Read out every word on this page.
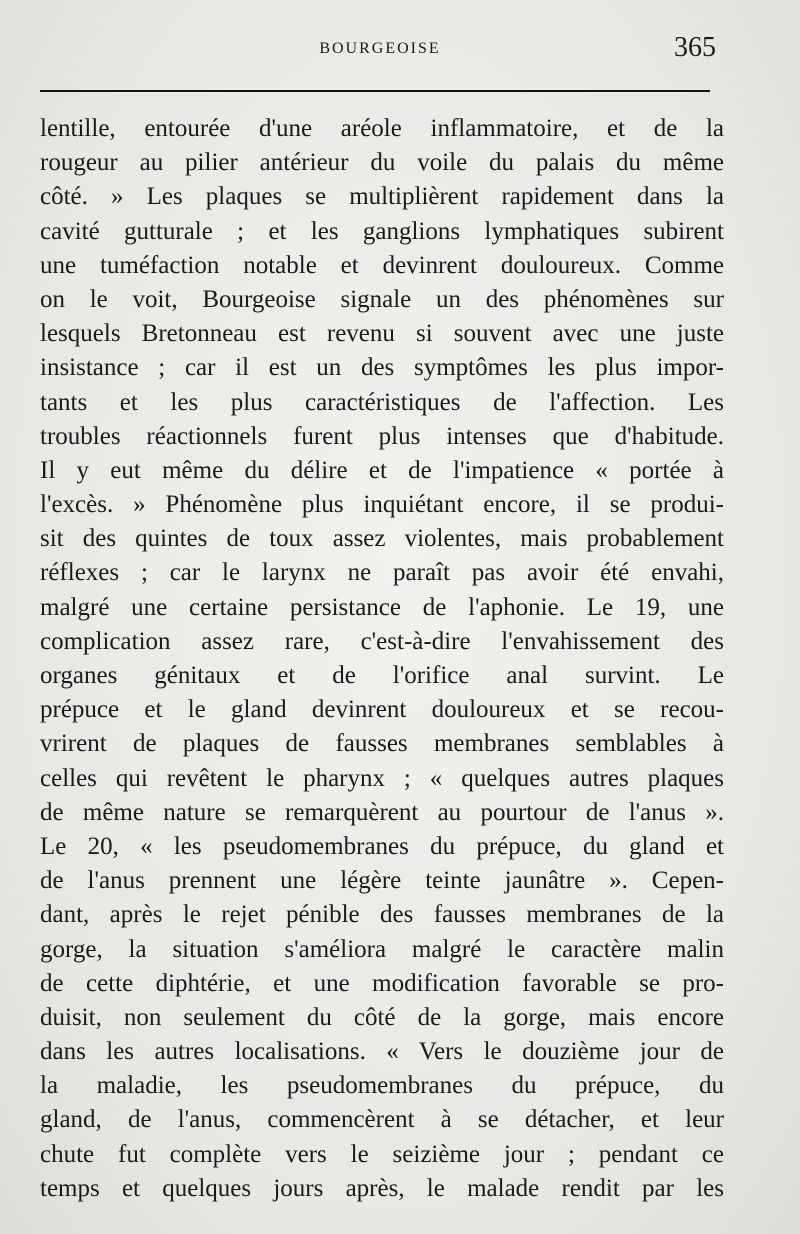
BOURGEOISE	365
lentille, entourée d'une aréole inflammatoire, et de la
rougeur au pilier antérieur du voile du palais du même
côté. » Les plaques se multiplièrent rapidement dans la
cavité gutturale ; et les ganglions lymphatiques subirent
une tuméfaction notable et devinrent douloureux. Comme
on le voit, Bourgeoise signale un des phénomènes sur
lesquels Bretonneau est revenu si souvent avec une juste
insistance ; car il est un des symptômes les plus impor-
tants et les plus caractéristiques de l'affection. Les
troubles réactionnels furent plus intenses que d'habitude.
Il y eut même du délire et de l'impatience « portée à
l'excès. » Phénomène plus inquiétant encore, il se produi-
sit des quintes de toux assez violentes, mais probablement
réflexes ; car le larynx ne paraît pas avoir été envahi,
malgré une certaine persistance de l'aphonie. Le 19, une
complication assez rare, c'est-à-dire l'envahissement des
organes génitaux et de l'orifice anal survint. Le
prépuce et le gland devinrent douloureux et se recou-
vrirent de plaques de fausses membranes semblables à
celles qui revêtent le pharynx ; « quelques autres plaques
de même nature se remarquèrent au pourtour de l'anus ».
Le 20, « les pseudomembranes du prépuce, du gland et
de l'anus prennent une légère teinte jaunâtre ». Cepen-
dant, après le rejet pénible des fausses membranes de la
gorge, la situation s'améliora malgré le caractère malin
de cette diphtérie, et une modification favorable se pro-
duisit, non seulement du côté de la gorge, mais encore
dans les autres localisations. « Vers le douzième jour de
la maladie, les pseudomembranes du prépuce, du
gland, de l'anus, commencèrent à se détacher, et leur
chute fut complète vers le seizième jour ; pendant ce
temps et quelques jours après, le malade rendit par les
